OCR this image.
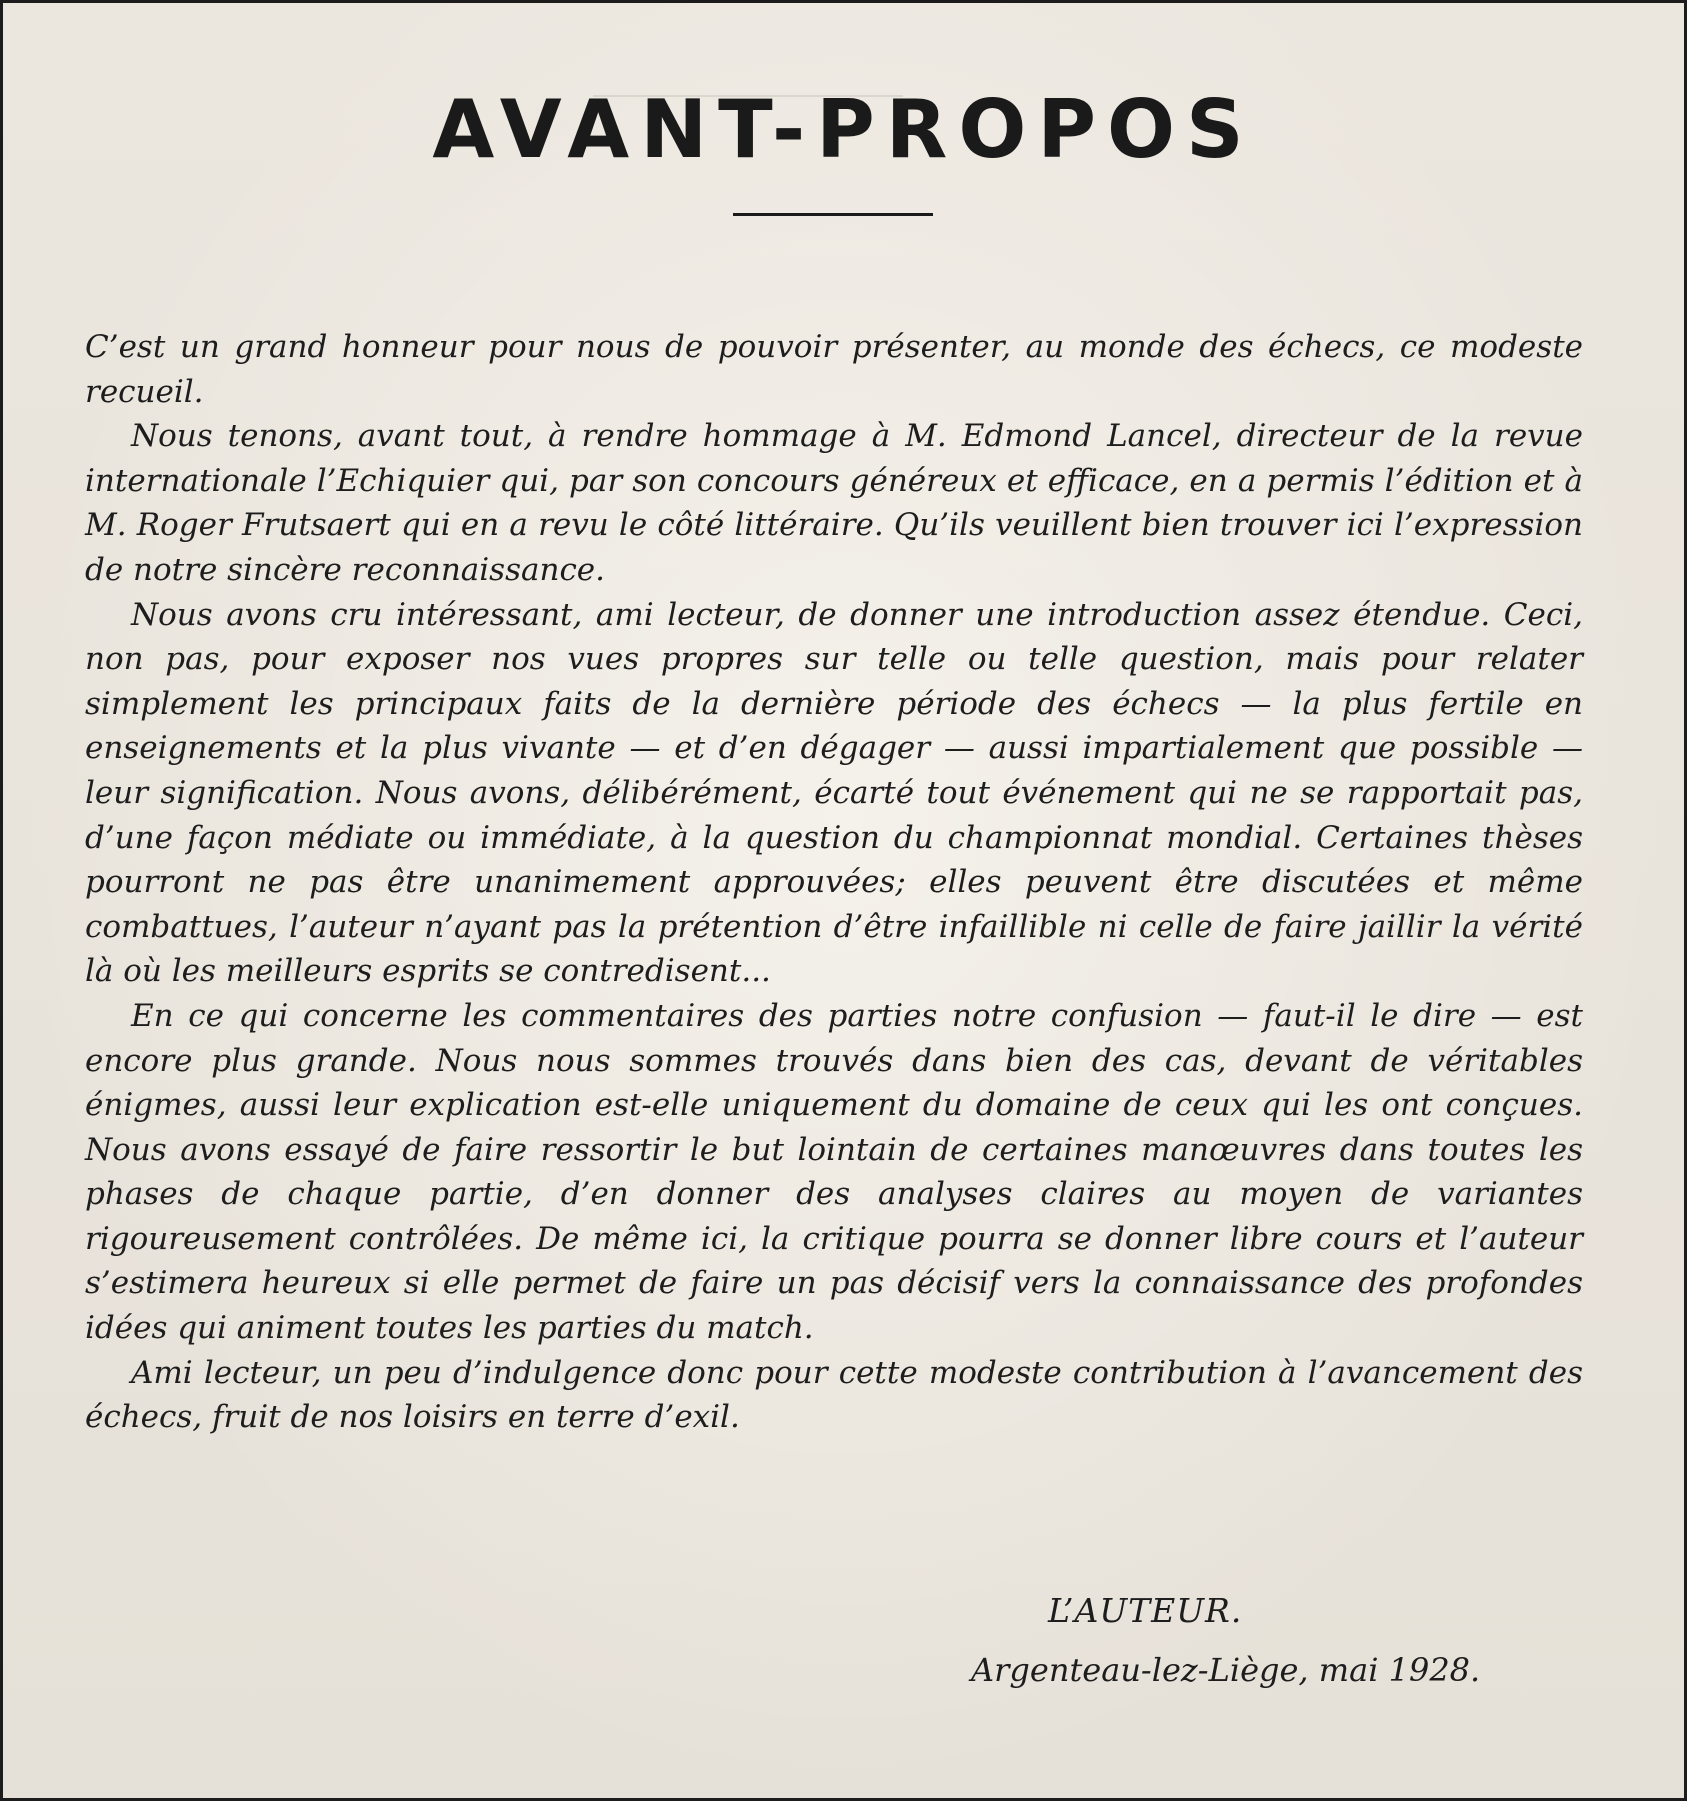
AVANT-PROPOS

C’est un grand honneur pour nous de pouvoir présenter, au monde des échecs, ce modeste recueil.

Nous tenons, avant tout, à rendre hommage à M. Edmond Lancel, directeur de la revue internationale l’Echiquier qui, par son concours généreux et efficace, en a permis l’édition et à M. Roger Frutsaert qui en a revu le côté littéraire. Qu’ils veuillent bien trouver ici l’expression de notre sincère reconnaissance.

Nous avons cru intéressant, ami lecteur, de donner une introduction assez étendue. Ceci, non pas, pour exposer nos vues propres sur telle ou telle question, mais pour relater simplement les principaux faits de la dernière période des échecs — la plus fertile en enseignements et la plus vivante — et d’en dégager — aussi impartialement que possible — leur signification. Nous avons, délibérément, écarté tout événement qui ne se rapportait pas, d’une façon médiate ou immédiate, à la question du championnat mondial. Certaines thèses pourront ne pas être unanimement approuvées; elles peuvent être discutées et même combattues, l’auteur n’ayant pas la prétention d’être infaillible ni celle de faire jaillir la vérité là où les meilleurs esprits se contredisent...

En ce qui concerne les commentaires des parties notre confusion — faut-il le dire — est encore plus grande. Nous nous sommes trouvés dans bien des cas, devant de véritables énigmes, aussi leur explication est-elle uniquement du domaine de ceux qui les ont conçues. Nous avons essayé de faire ressortir le but lointain de certaines manœuvres dans toutes les phases de chaque partie, d’en donner des analyses claires au moyen de variantes rigoureusement contrôlées. De même ici, la critique pourra se donner libre cours et l’auteur s’estimera heureux si elle permet de faire un pas décisif vers la connaissance des profondes idées qui animent toutes les parties du match.

Ami lecteur, un peu d’indulgence donc pour cette modeste contribution à l’avancement des échecs, fruit de nos loisirs en terre d’exil.

L’AUTEUR.

Argenteau-lez-Liège, mai 1928.
